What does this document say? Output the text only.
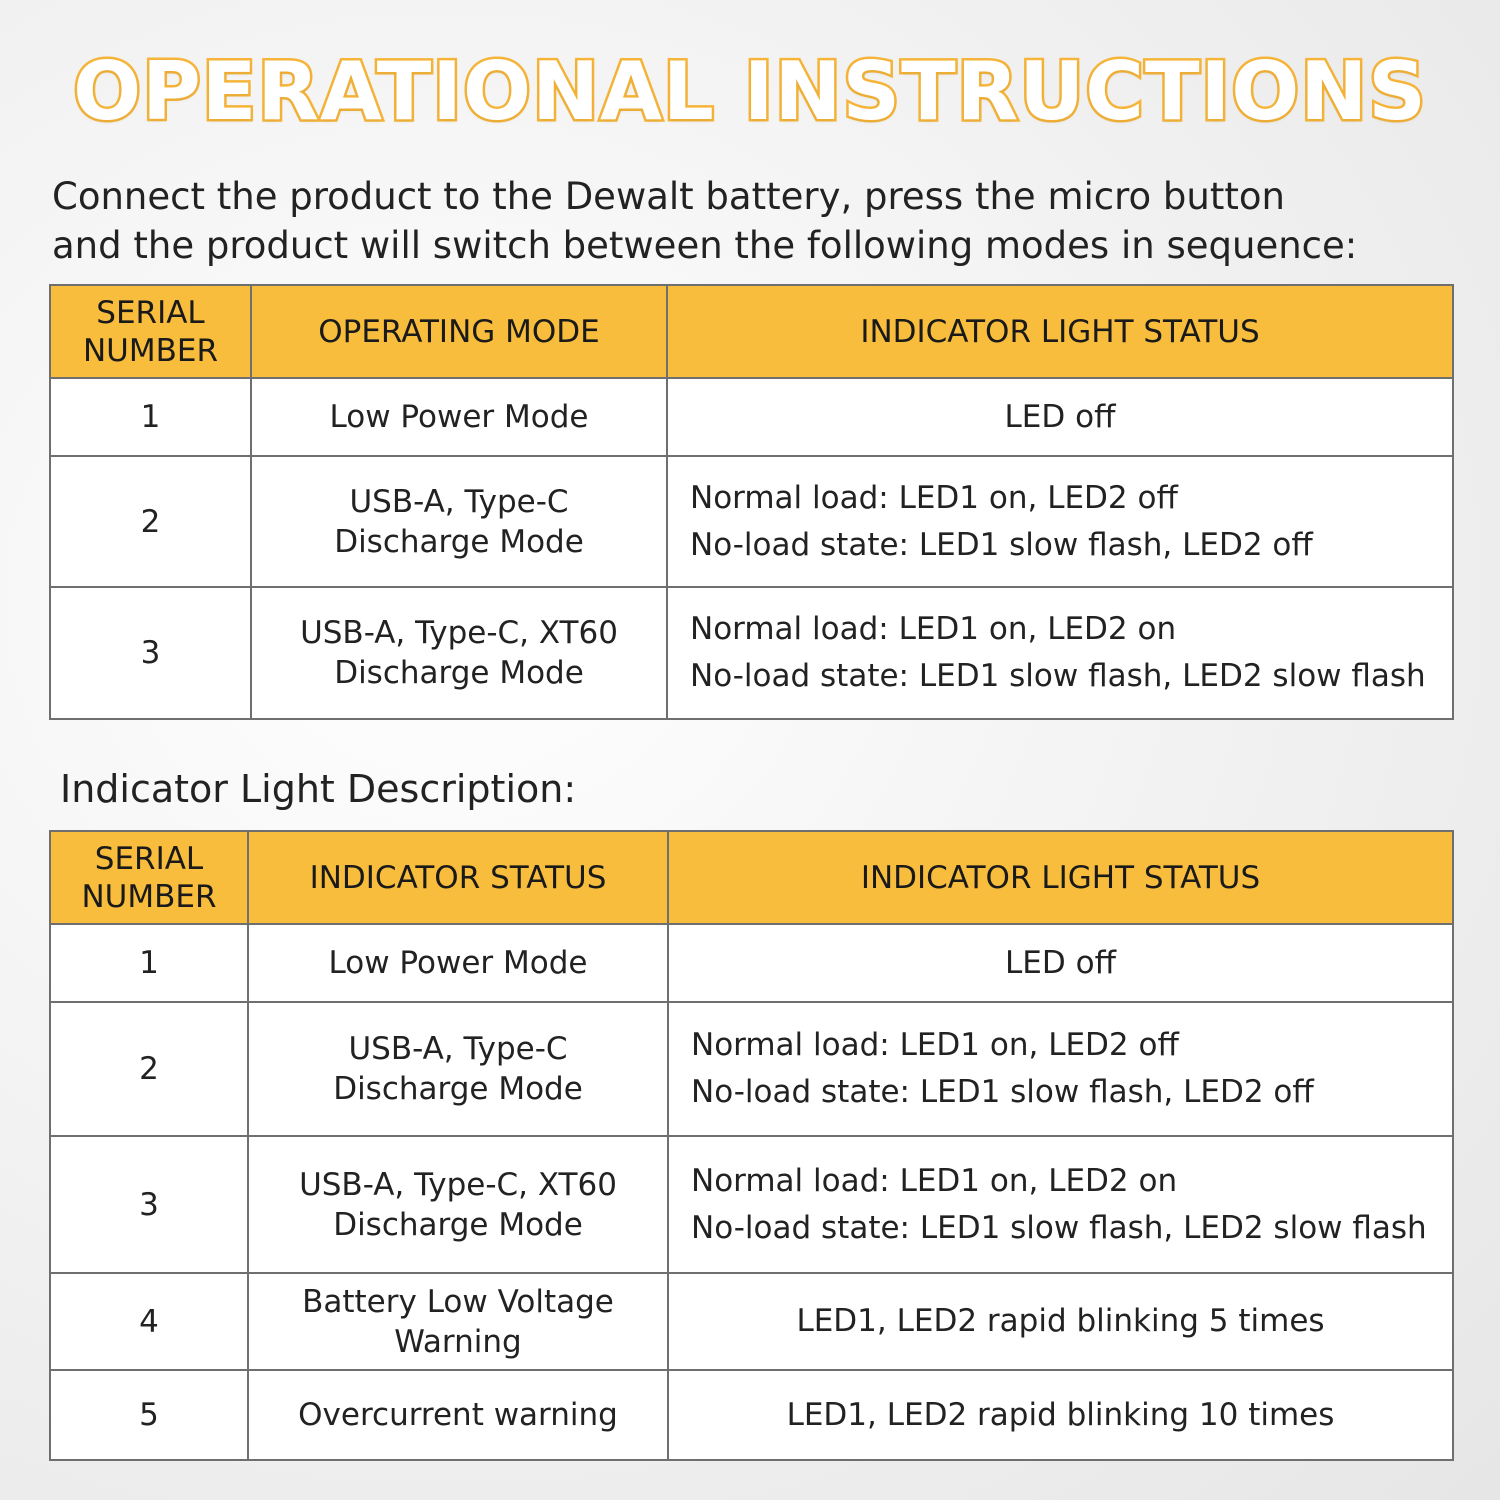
OPERATIONAL INSTRUCTIONS
Connect the product to the Dewalt battery, press the micro button
and the product will switch between the following modes in sequence:
SERIAL
NUMBER	OPERATING MODE	INDICATOR LIGHT STATUS
1	Low Power Mode	LED off

2	USB-A, Type-C
Discharge Mode	Normal load: LED1 on, LED2 off
No-load state: LED1 slow flash, LED2 off

3	USB-A, Type-C, XT60
Discharge Mode	Normal load: LED1 on, LED2 on
No-load state: LED1 slow flash, LED2 slow flash
Indicator Light Description:
SERIAL
NUMBER	INDICATOR STATUS	INDICATOR LIGHT STATUS
1	Low Power Mode	LED off

2	USB-A, Type-C
Discharge Mode	Normal load: LED1 on, LED2 off
No-load state: LED1 slow flash, LED2 off

3	USB-A, Type-C, XT60
Discharge Mode	Normal load: LED1 on, LED2 on
No-load state: LED1 slow flash, LED2 slow flash

4	Battery Low Voltage Warning	LED1, LED2 rapid blinking 5 times

5	Overcurrent warning	LED1, LED2 rapid blinking 10 times
